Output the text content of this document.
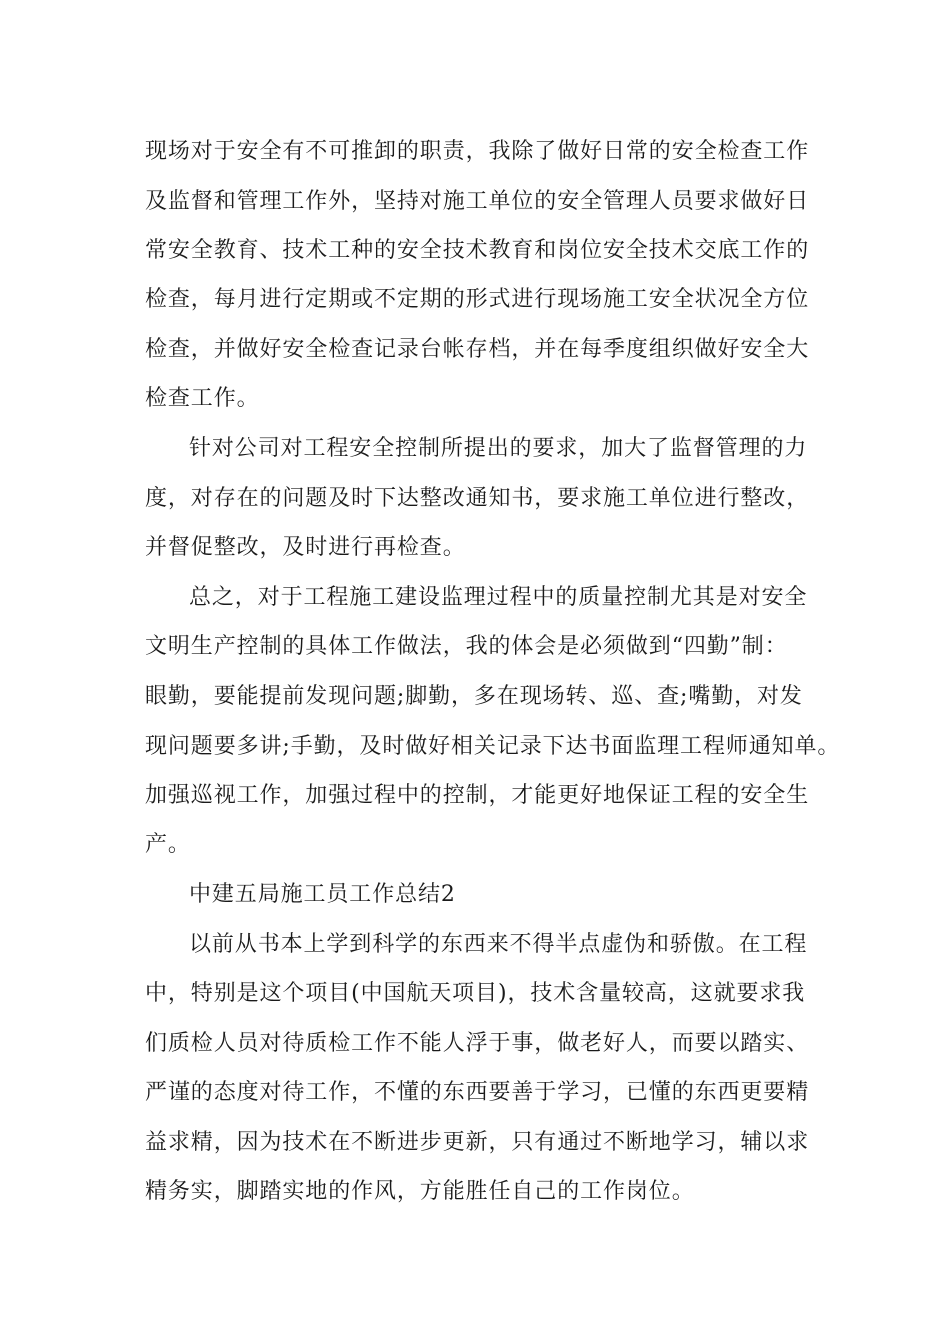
现场对于安全有不可推卸的职责，我除了做好日常的安全检查工作
及监督和管理工作外，坚持对施工单位的安全管理人员要求做好日
常安全教育、技术工种的安全技术教育和岗位安全技术交底工作的
检查，每月进行定期或不定期的形式进行现场施工安全状况全方位
检查，并做好安全检查记录台帐存档，并在每季度组织做好安全大
检查工作。
针对公司对工程安全控制所提出的要求，加大了监督管理的力
度，对存在的问题及时下达整改通知书，要求施工单位进行整改，
并督促整改，及时进行再检查。
总之，对于工程施工建设监理过程中的质量控制尤其是对安全
文明生产控制的具体工作做法，我的体会是必须做到“四勤”制：
眼勤，要能提前发现问题;脚勤，多在现场转、巡、查;嘴勤，对发
现问题要多讲;手勤，及时做好相关记录下达书面监理工程师通知单。
加强巡视工作，加强过程中的控制，才能更好地保证工程的安全生
产。
中建五局施工员工作总结2
以前从书本上学到科学的东西来不得半点虚伪和骄傲。在工程
中，特别是这个项目(中国航天项目)，技术含量较高，这就要求我
们质检人员对待质检工作不能人浮于事，做老好人，而要以踏实、
严谨的态度对待工作，不懂的东西要善于学习，已懂的东西更要精
益求精，因为技术在不断进步更新，只有通过不断地学习，辅以求
精务实，脚踏实地的作风，方能胜任自己的工作岗位。
